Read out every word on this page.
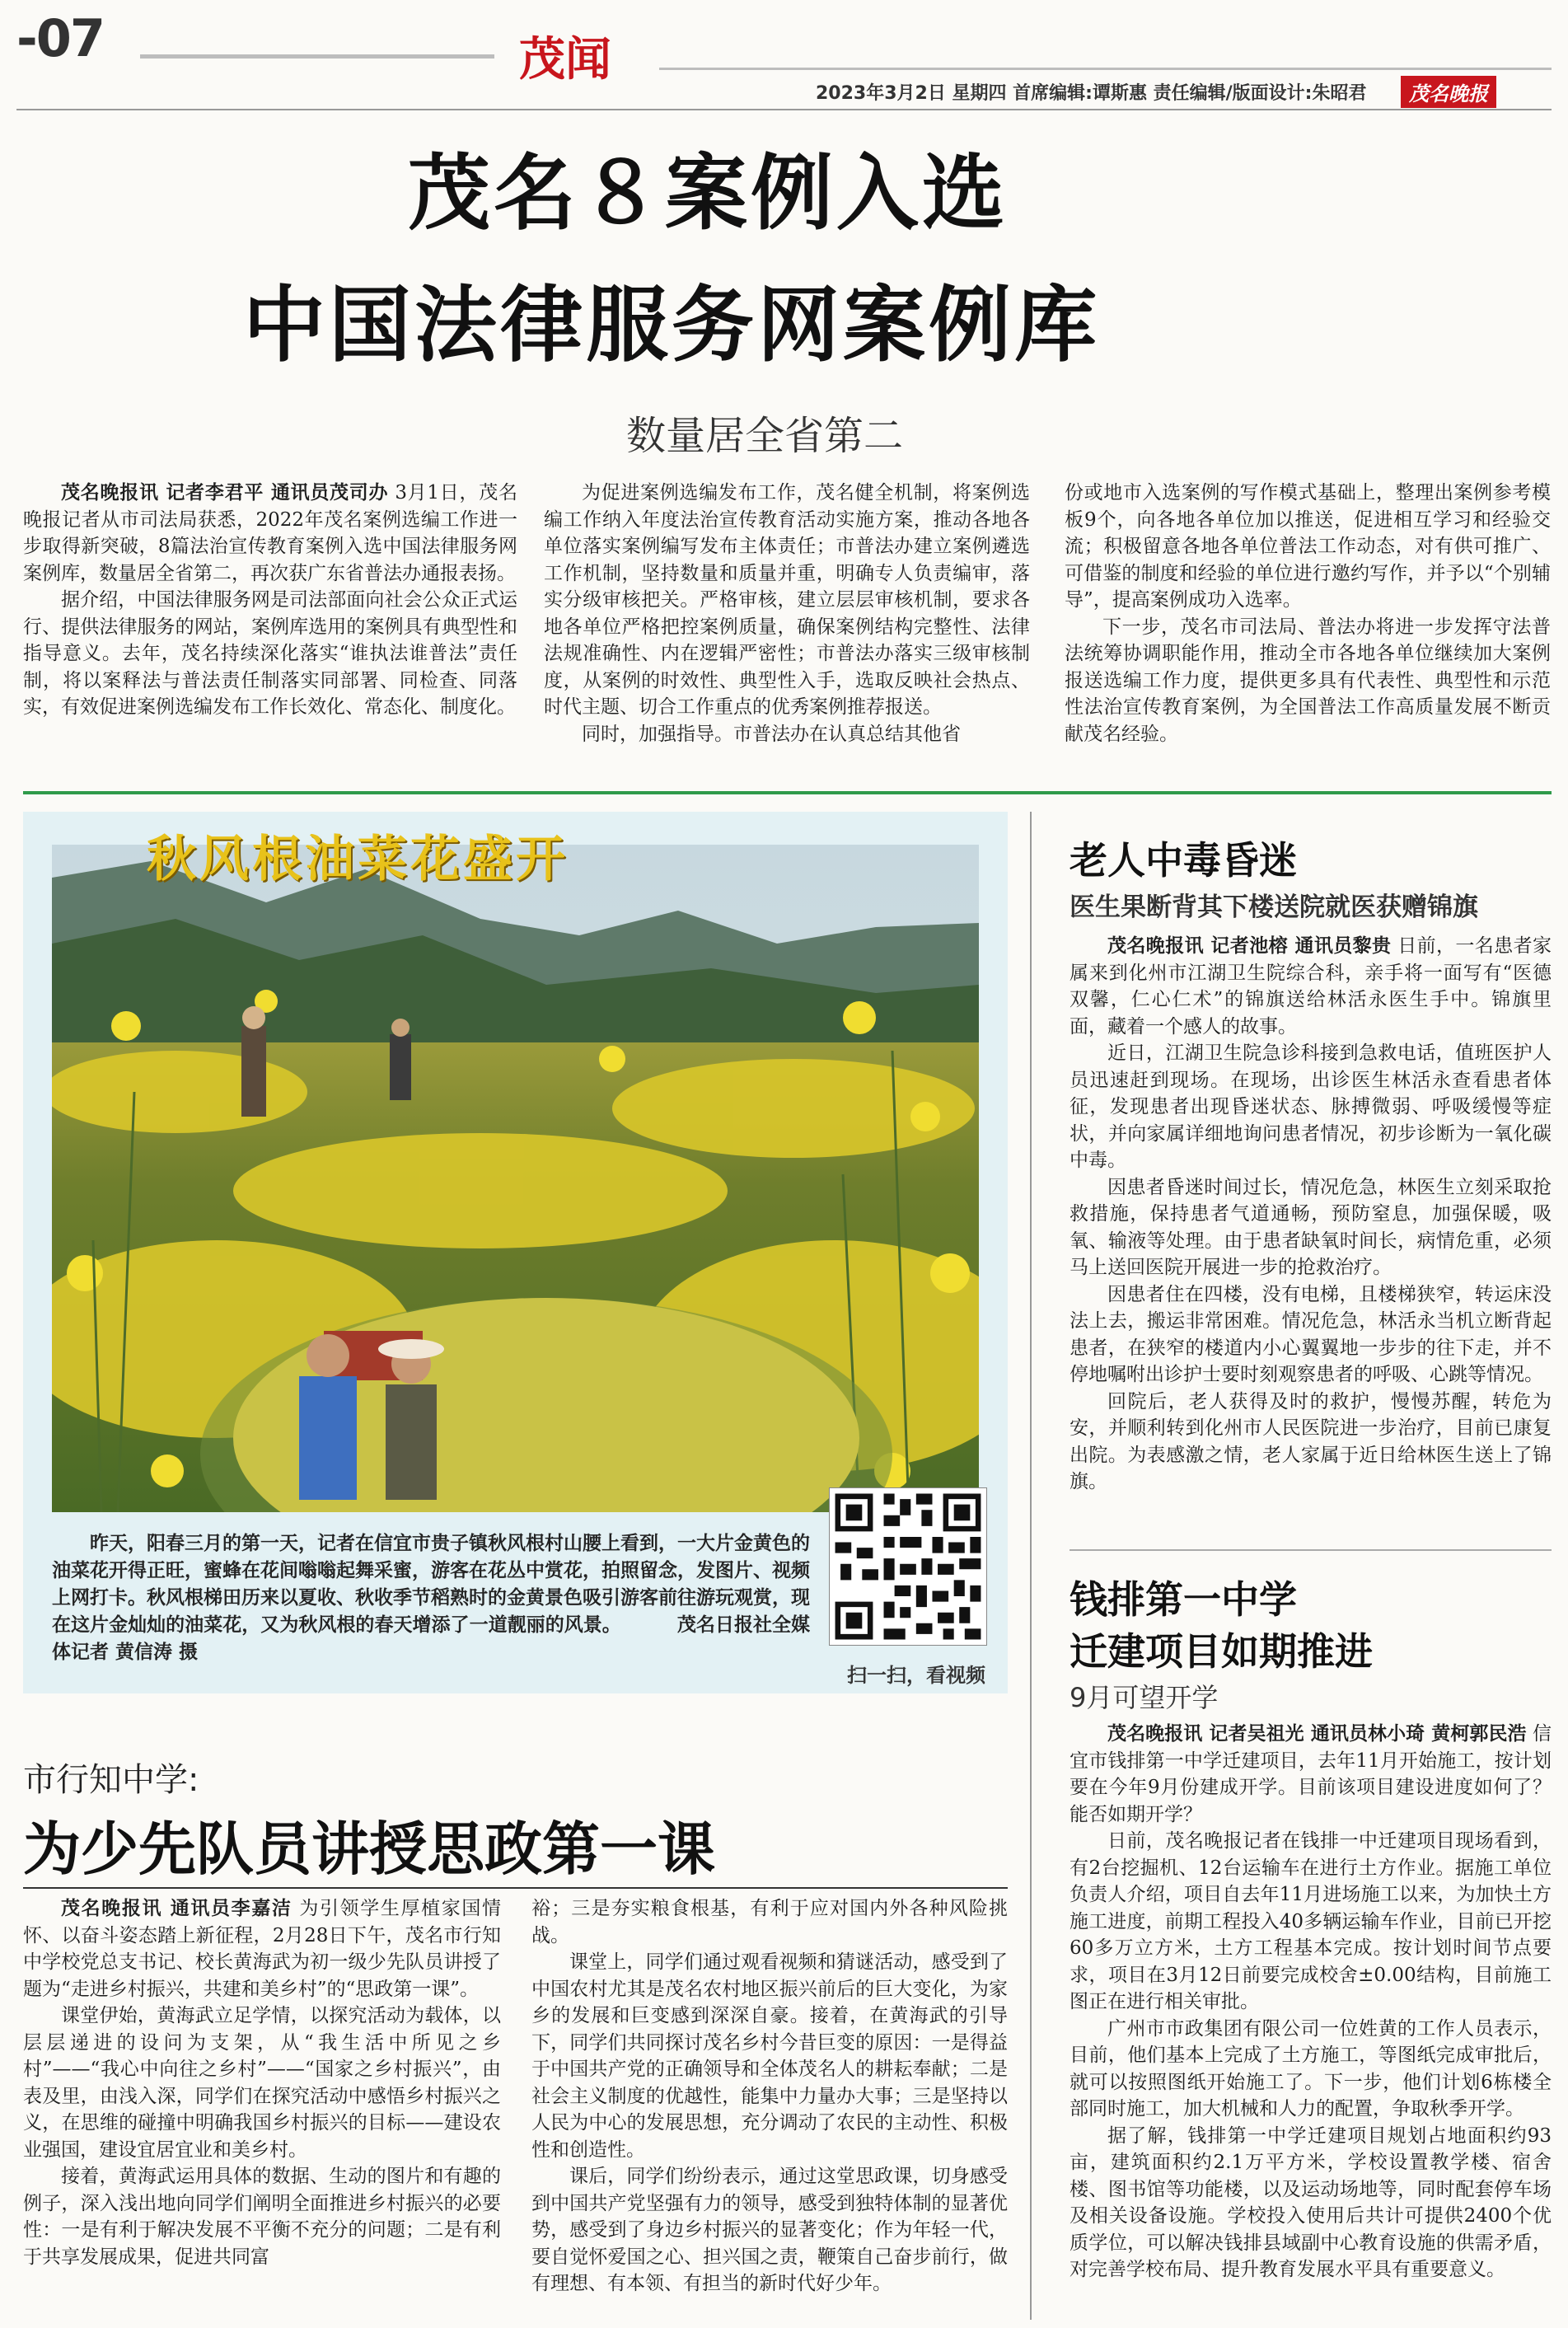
-07	茂闻
2023年3月2日 星期四 首席编辑:谭斯惠 责任编辑/版面设计:朱昭君	茂名晚报
茂名８案例入选
中国法律服务网案例库
数量居全省第二

茂名晚报讯 记者李君平 通讯员茂司办 3月1日，茂名晚报记者从市司法局获悉，2022年茂名案例选编工作进一步取得新突破，8篇法治宣传教育案例入选中国法律服务网案例库，数量居全省第二，再次获广东省普法办通报表扬。

据介绍，中国法律服务网是司法部面向社会公众正式运行、提供法律服务的网站，案例库选用的案例具有典型性和指导意义。去年，茂名持续深化落实“谁执法谁普法”责任制，将以案释法与普法责任制落实同部署、同检查、同落实，有效促进案例选编发布工作长效化、常态化、制度化。

为促进案例选编发布工作，茂名健全机制，将案例选编工作纳入年度法治宣传教育活动实施方案，推动各地各单位落实案例编写发布主体责任；市普法办建立案例遴选工作机制，坚持数量和质量并重，明确专人负责编审，落实分级审核把关。严格审核，建立层层审核机制，要求各地各单位严格把控案例质量，确保案例结构完整性、法律法规准确性、内在逻辑严密性；市普法办落实三级审核制度，从案例的时效性、典型性入手，选取反映社会热点、时代主题、切合工作重点的优秀案例推荐报送。

同时，加强指导。市普法办在认真总结其他省

份或地市入选案例的写作模式基础上，整理出案例参考模板9个，向各地各单位加以推送，促进相互学习和经验交流；积极留意各地各单位普法工作动态，对有供可推广、可借鉴的制度和经验的单位进行邀约写作，并予以“个别辅导”，提高案例成功入选率。

下一步，茂名市司法局、普法办将进一步发挥守法普法统筹协调职能作用，推动全市各地各单位继续加大案例报送选编工作力度，提供更多具有代表性、典型性和示范性法治宣传教育案例，为全国普法工作高质量发展不断贡献茂名经验。

秋风根油菜花盛开
扫一扫，看视频
昨天，阳春三月的第一天，记者在信宜市贵子镇秋风根村山腰上看到，一大片金黄色的油菜花开得正旺，蜜蜂在花间嗡嗡起舞采蜜，游客在花丛中赏花，拍照留念，发图片、视频上网打卡。秋风根梯田历来以夏收、秋收季节稻熟时的金黄景色吸引游客前往游玩观赏，现在这片金灿灿的油菜花，又为秋风根的春天增添了一道靓丽的风景。	茂名日报社全媒体记者 黄信涛 摄
老人中毒昏迷
医生果断背其下楼送院就医获赠锦旗

茂名晚报讯 记者池榕 通讯员黎贵 日前，一名患者家属来到化州市江湖卫生院综合科，亲手将一面写有“医德双馨，仁心仁术”的锦旗送给林活永医生手中。锦旗里面，藏着一个感人的故事。

近日，江湖卫生院急诊科接到急救电话，值班医护人员迅速赶到现场。在现场，出诊医生林活永查看患者体征，发现患者出现昏迷状态、脉搏微弱、呼吸缓慢等症状，并向家属详细地询问患者情况，初步诊断为一氧化碳中毒。

因患者昏迷时间过长，情况危急，林医生立刻采取抢救措施，保持患者气道通畅，预防窒息，加强保暖，吸氧、输液等处理。由于患者缺氧时间长，病情危重，必须马上送回医院开展进一步的抢救治疗。

因患者住在四楼，没有电梯，且楼梯狭窄，转运床没法上去，搬运非常困难。情况危急，林活永当机立断背起患者，在狭窄的楼道内小心翼翼地一步步的往下走，并不停地嘱咐出诊护士要时刻观察患者的呼吸、心跳等情况。

回院后，老人获得及时的救护，慢慢苏醒，转危为安，并顺利转到化州市人民医院进一步治疗，目前已康复出院。为表感激之情，老人家属于近日给林医生送上了锦旗。

钱排第一中学
迁建项目如期推进
9月可望开学

茂名晚报讯 记者吴祖光 通讯员林小琦 黄柯郭民浩 信宜市钱排第一中学迁建项目，去年11月开始施工，按计划要在今年9月份建成开学。目前该项目建设进度如何了？能否如期开学？

日前，茂名晚报记者在钱排一中迁建项目现场看到，有2台挖掘机、12台运输车在进行土方作业。据施工单位负责人介绍，项目自去年11月进场施工以来，为加快土方施工进度，前期工程投入40多辆运输车作业，目前已开挖60多万立方米，土方工程基本完成。按计划时间节点要求，项目在3月12日前要完成校舍±0.00结构，目前施工图正在进行相关审批。

广州市市政集团有限公司一位姓黄的工作人员表示，目前，他们基本上完成了土方施工，等图纸完成审批后，就可以按照图纸开始施工了。下一步，他们计划6栋楼全部同时施工，加大机械和人力的配置，争取秋季开学。

据了解，钱排第一中学迁建项目规划占地面积约93亩，建筑面积约2.1万平方米，学校设置教学楼、宿舍楼、图书馆等功能楼，以及运动场地等，同时配套停车场及相关设备设施。学校投入使用后共计可提供2400个优质学位，可以解决钱排县域副中心教育设施的供需矛盾，对完善学校布局、提升教育发展水平具有重要意义。

市行知中学:
为少先队员讲授思政第一课

茂名晚报讯 通讯员李嘉洁 为引领学生厚植家国情怀、以奋斗姿态踏上新征程，2月28日下午，茂名市行知中学校党总支书记、校长黄海武为初一级少先队员讲授了题为“走进乡村振兴，共建和美乡村”的“思政第一课”。

课堂伊始，黄海武立足学情，以探究活动为载体，以层层递进的设问为支架，从“我生活中所见之乡村”——“我心中向往之乡村”——“国家之乡村振兴”，由表及里，由浅入深，同学们在探究活动中感悟乡村振兴之义，在思维的碰撞中明确我国乡村振兴的目标——建设农业强国，建设宜居宜业和美乡村。

接着，黄海武运用具体的数据、生动的图片和有趣的例子，深入浅出地向同学们阐明全面推进乡村振兴的必要性：一是有利于解决发展不平衡不充分的问题；二是有利于共享发展成果，促进共同富

裕；三是夯实粮食根基，有利于应对国内外各种风险挑战。

课堂上，同学们通过观看视频和猜谜活动，感受到了中国农村尤其是茂名农村地区振兴前后的巨大变化，为家乡的发展和巨变感到深深自豪。接着，在黄海武的引导下，同学们共同探讨茂名乡村今昔巨变的原因：一是得益于中国共产党的正确领导和全体茂名人的耕耘奉献；二是社会主义制度的优越性，能集中力量办大事；三是坚持以人民为中心的发展思想，充分调动了农民的主动性、积极性和创造性。

课后，同学们纷纷表示，通过这堂思政课，切身感受到中国共产党坚强有力的领导，感受到独特体制的显著优势，感受到了身边乡村振兴的显著变化；作为年轻一代，要自觉怀爱国之心、担兴国之责，鞭策自己奋步前行，做有理想、有本领、有担当的新时代好少年。
